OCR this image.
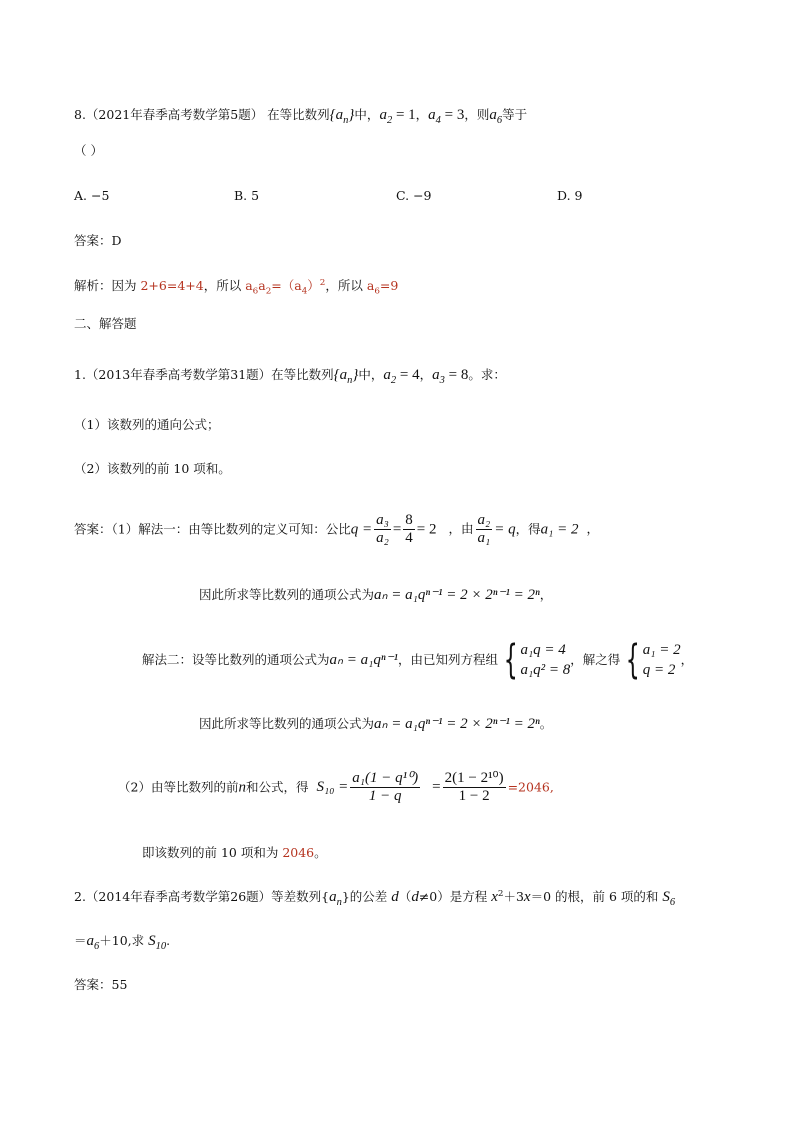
8.（2021年春季高考数学第5题） 在等比数列$\{a_n\}$中，$a_2 = 1$，$a_4 = 3$，则$a_6$等于
（ ）
A. −5	B. 5	C. −9	D. 9
答案：D
解析：因为 2+6=4+4，所以 $a_6a_2=(a_4)^2$，所以 $a_6=9$
二、解答题
1.（2013年春季高考数学第31题）在等比数列$\{a_n\}$中，$a_2 = 4$，$a_3 = 8$。求：
（1）该数列的通向公式；
（2）该数列的前 10 项和。
答案：（1）解法一：由等比数列的定义可知：公比$q = \frac{\text{a₃}}{\text{a₂}} = \frac{8}{4} = 2$ ，由 $\frac{\text{a₂}}{\text{a₁}} = q$，得a₁ = 2 ，
因此所求等比数列的通项公式为aₙ = a₁qⁿ⁻¹ = 2 × 2ⁿ⁻¹ = 2ⁿ，
解法二：设等比数列的通项公式为aₙ = a₁qⁿ⁻¹，由已知列方程组 { a₁q = 4
a₁q² = 8
，解之得 { a₁ = 2
q = 2
，
因此所求等比数列的通项公式为aₙ = a₁qⁿ⁻¹ = 2 × 2ⁿ⁻¹ = 2ⁿ。
（2）由等比数列的前n和公式，得 $S_{10} = \frac{\text{a₁(1 − q¹⁰)}}{1 - q} = \frac{\text{2(1 − 2¹⁰)}}{1 - 2} =2046$,
即该数列的前 10 项和为 2046。
2.（2014年春季高考数学第26题）等差数列$\{a_n\}$的公差 d（d≠0）是方程 $x^2+3x=0$ 的根，前 6 项的和 $S_6$
$=a_6+10$,求 $S_{10}$.
答案：55
